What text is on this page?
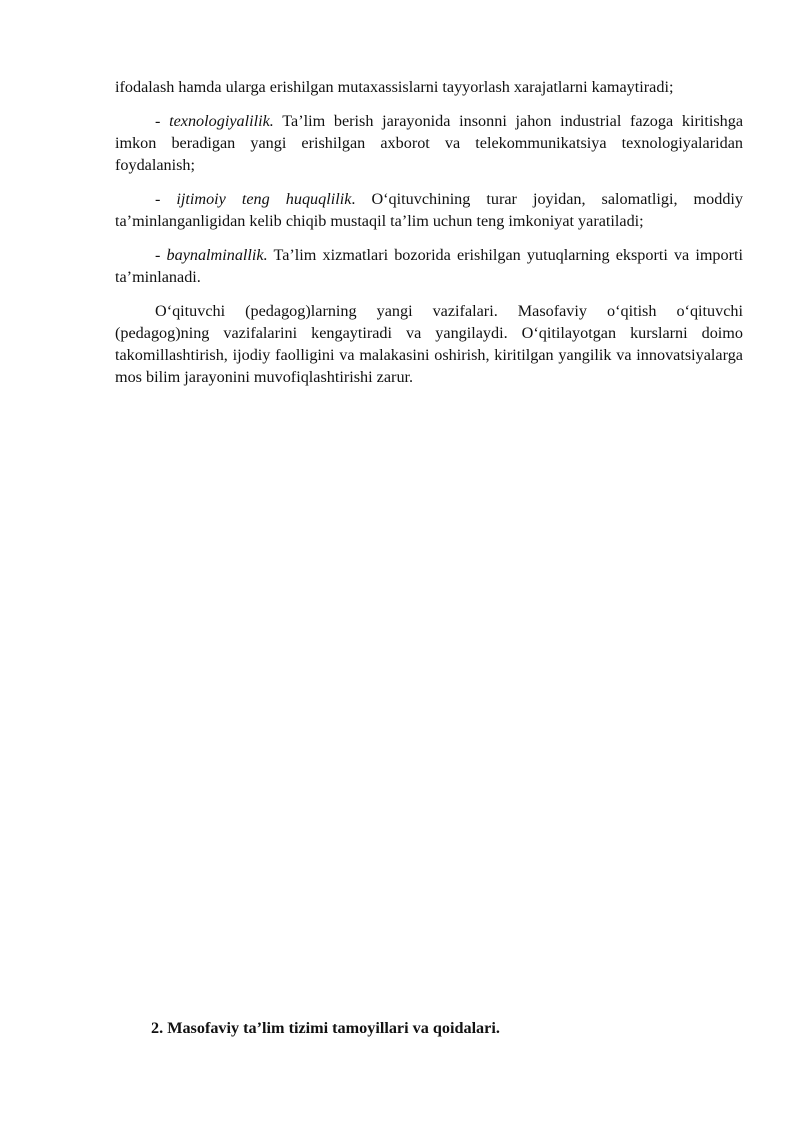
ifodalash hamda ularga erishilgan mutaxassislarni tayyorlash xarajatlarni kamaytiradi;

- texnologiyalilik. Ta’lim berish jarayonida insonni jahon industrial fazoga kiritishga imkon beradigan yangi erishilgan axborot va telekommunikatsiya texnologiyalaridan foydalanish;

- ijtimoiy teng huquqlilik. O‘qituvchining turar joyidan, salomatligi, moddiy ta’minlanganligidan kelib chiqib mustaqil ta’lim uchun teng imkoniyat yaratiladi;

- baynalminallik. Ta’lim xizmatlari bozorida erishilgan yutuqlarning eksporti va importi ta’minlanadi.

O‘qituvchi (pedagog)larning yangi vazifalari. Masofaviy o‘qitish o‘qituvchi (pedagog)ning vazifalarini kengaytiradi va yangilaydi. O‘qitilayotgan kurslarni doimo takomillashtirish, ijodiy faolligini va malakasini oshirish, kiritilgan yangilik va innovatsiyalarga mos bilim jarayonini muvofiqlashtirishi zarur.

2. Masofaviy ta’lim tizimi tamoyillari va qoidalari.
